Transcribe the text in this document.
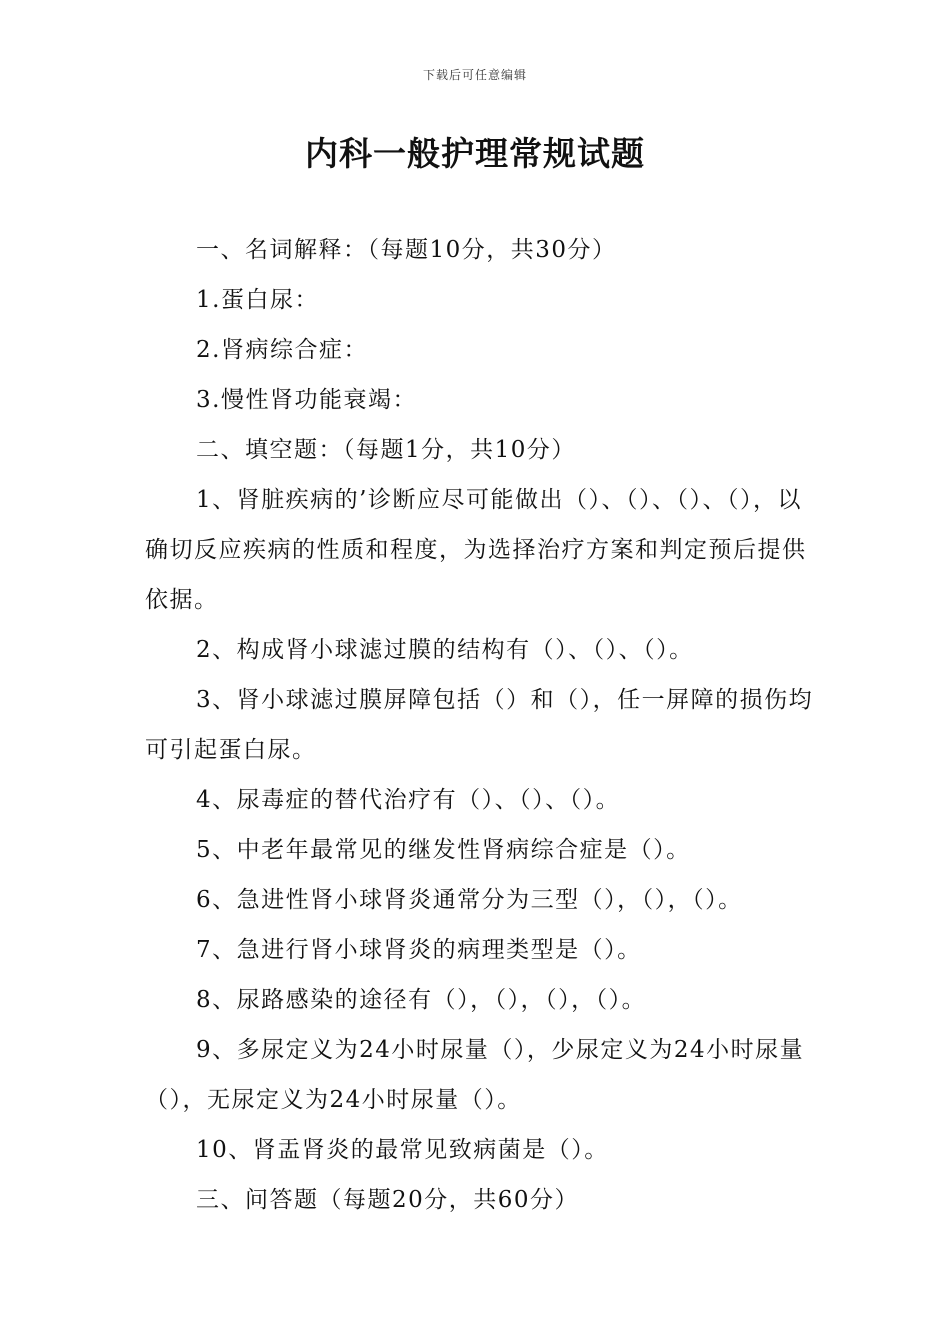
下载后可任意编辑
内科一般护理常规试题

一、名词解释：（每题10分，共30分）

1.蛋白尿：

2.肾病综合症：

3.慢性肾功能衰竭：

二、填空题：（每题1分，共10分）

1、肾脏疾病的’诊断应尽可能做出（）、（）、（）、（），以确切反应疾病的性质和程度，为选择治疗方案和判定预后提供依据。

2、构成肾小球滤过膜的结构有（）、（）、（）。

3、肾小球滤过膜屏障包括（）和（），任一屏障的损伤均可引起蛋白尿。

4、尿毒症的替代治疗有（）、（）、（）。

5、中老年最常见的继发性肾病综合症是（）。

6、急进性肾小球肾炎通常分为三型（），（），（）。

7、急进行肾小球肾炎的病理类型是（）。

8、尿路感染的途径有（），（），（），（）。

9、多尿定义为24小时尿量（），少尿定义为24小时尿量（），无尿定义为24小时尿量（）。

10、肾盂肾炎的最常见致病菌是（）。

三、问答题（每题20分，共60分）
